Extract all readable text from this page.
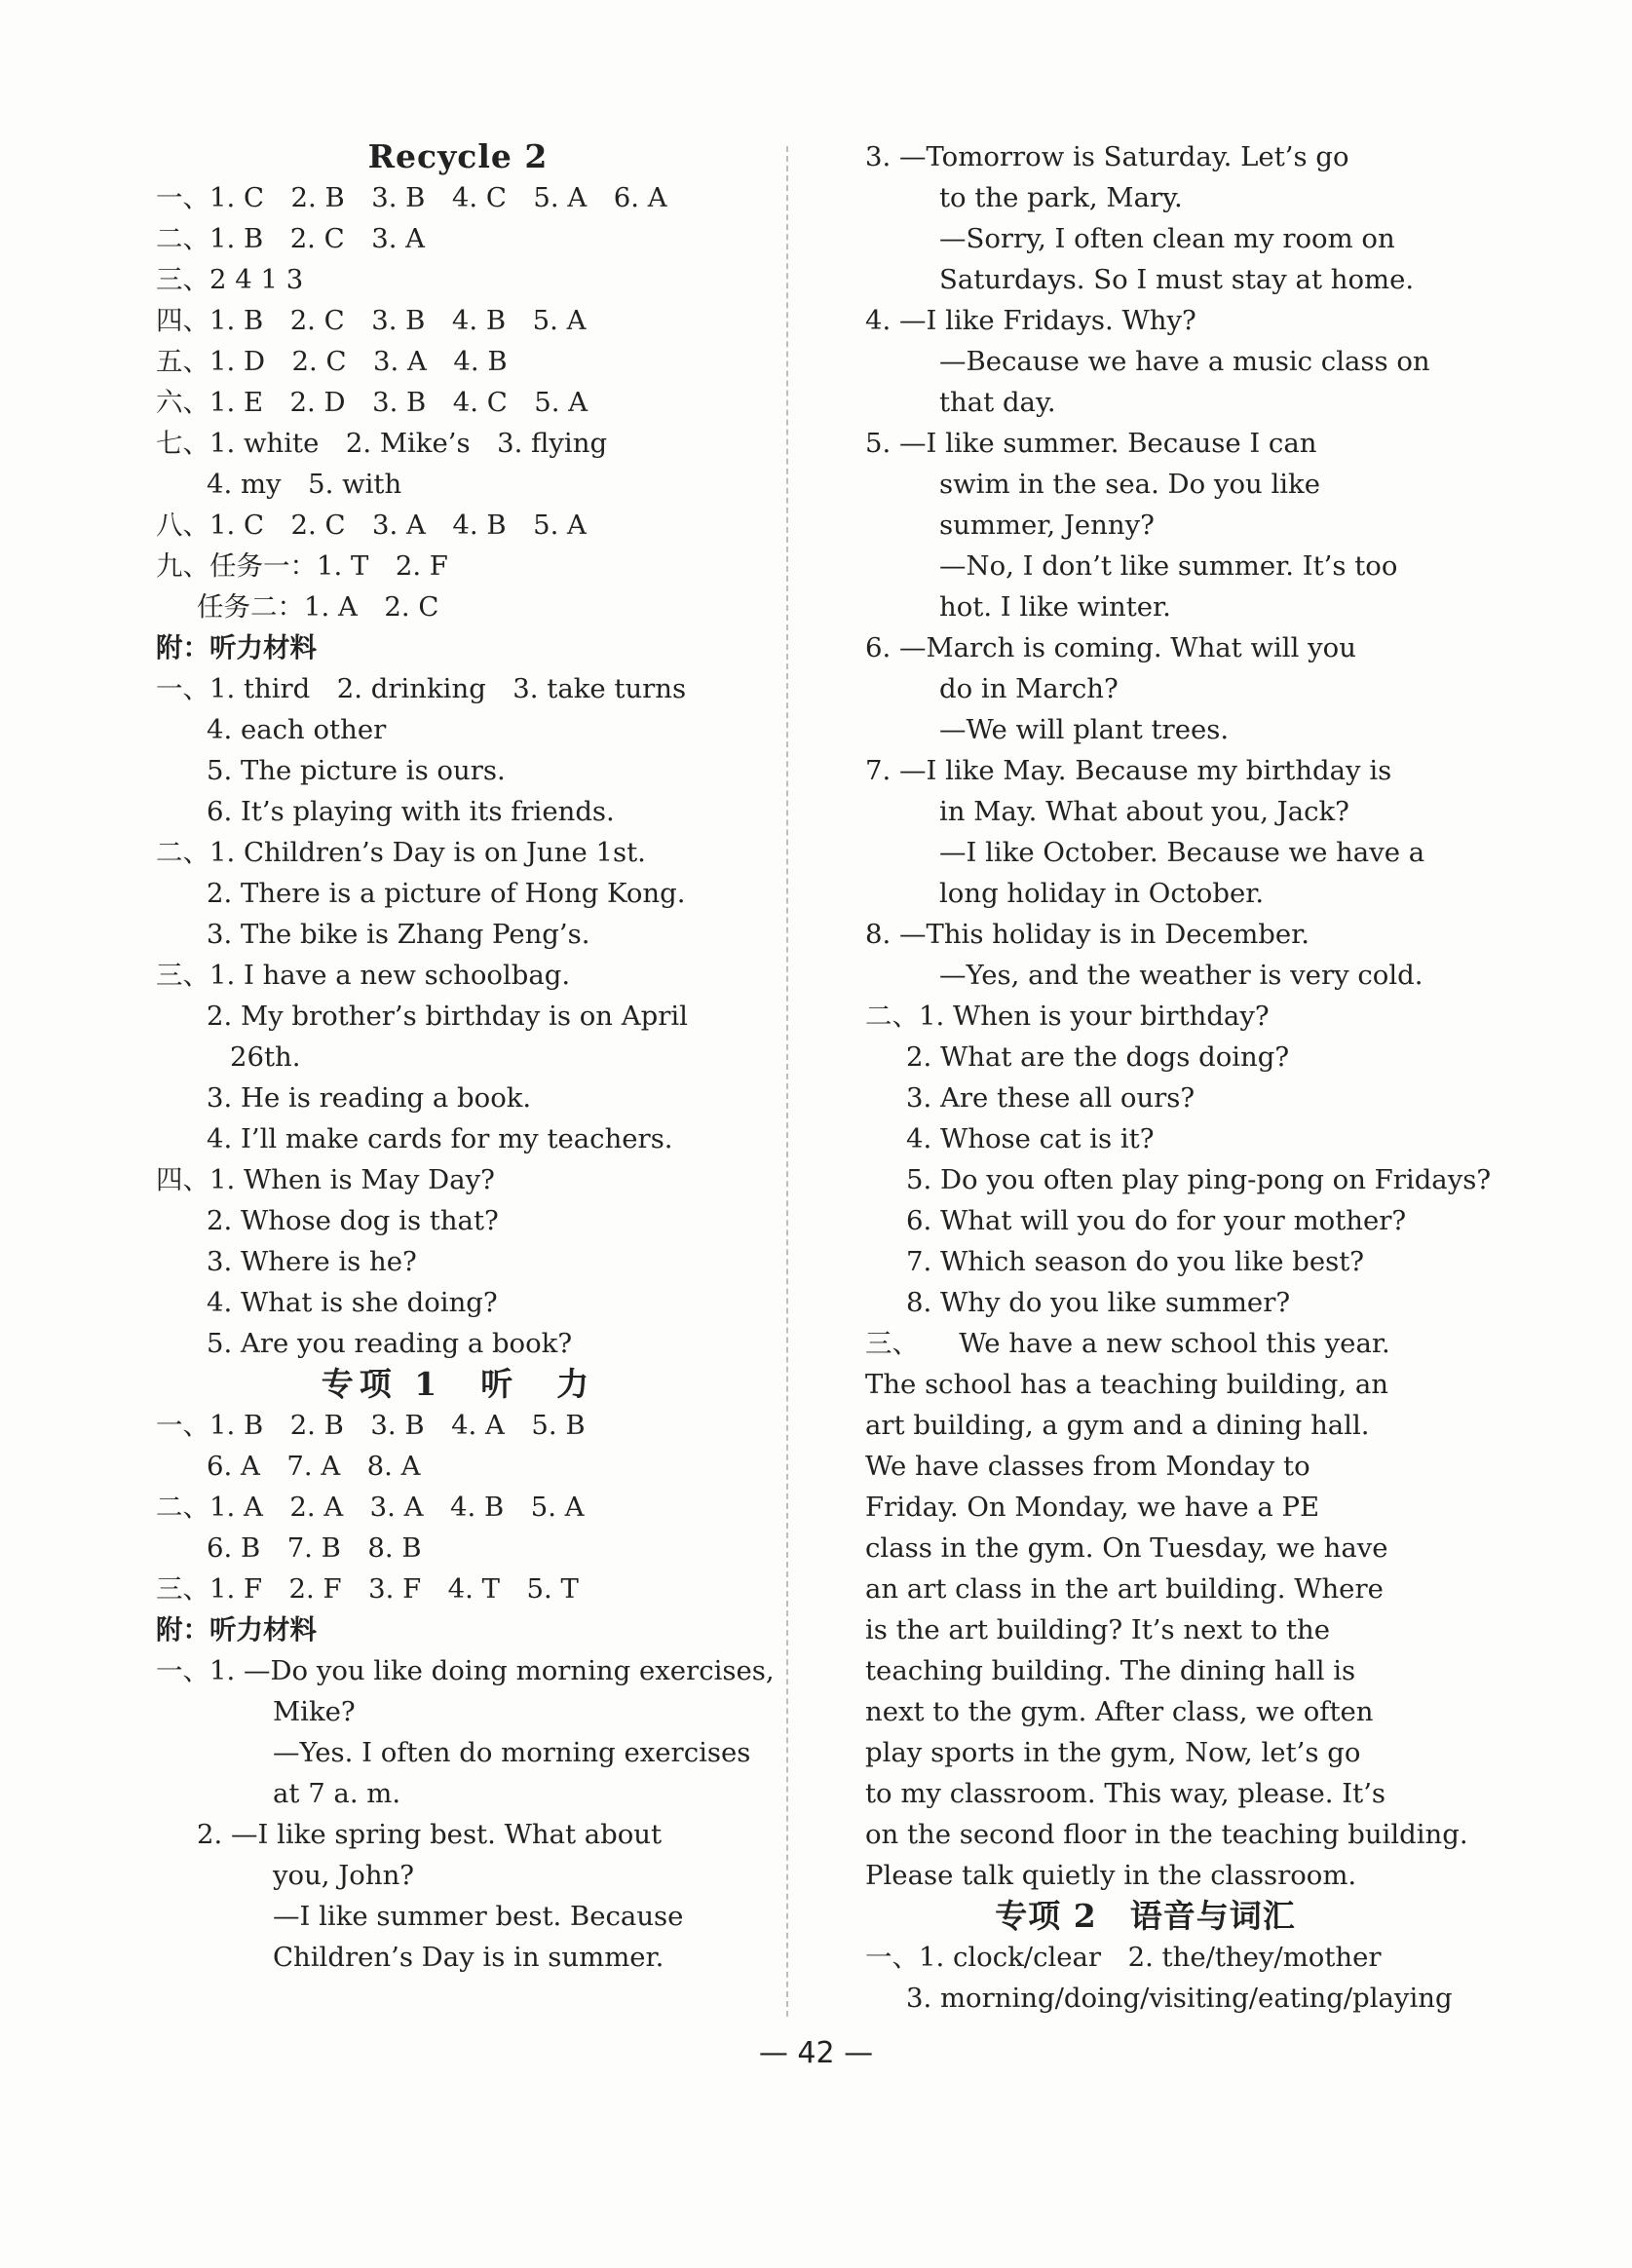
Recycle 2
一、1. C　2. B　3. B　4. C　5. A　6. A
二、1. B　2. C　3. A
三、2 4 1 3
四、1. B　2. C　3. B　4. B　5. A
五、1. D　2. C　3. A　4. B
六、1. E　2. D　3. B　4. C　5. A
七、1. white　2. Mike’s　3. flying
4. my　5. with
八、1. C　2. C　3. A　4. B　5. A
九、任务一：1. T　2. F
任务二：1. A　2. C
附：听力材料
一、1. third　2. drinking　3. take turns
4. each other
5. The picture is ours.
6. It’s playing with its friends.
二、1. Children’s Day is on June 1st.
2. There is a picture of Hong Kong.
3. The bike is Zhang Peng’s.
三、1. I have a new schoolbag.
2. My brother’s birthday is on April
26th.
3. He is reading a book.
4. I’ll make cards for my teachers.
四、1. When is May Day?
2. Whose dog is that?
3. Where is he?
4. What is she doing?
5. Are you reading a book?
专项 1　听　力
一、1. B　2. B　3. B　4. A　5. B
6. A　7. A　8. A
二、1. A　2. A　3. A　4. B　5. A
6. B　7. B　8. B
三、1. F　2. F　3. F　4. T　5. T
附：听力材料
一、1. —Do you like doing morning exercises,
Mike?
—Yes. I often do morning exercises
at 7 a. m.
2. —I like spring best. What about
you, John?
—I like summer best. Because
Children’s Day is in summer.
3. —Tomorrow is Saturday. Let’s go
to the park, Mary.
—Sorry, I often clean my room on
Saturdays. So I must stay at home.
4. —I like Fridays. Why?
—Because we have a music class on
that day.
5. —I like summer. Because I can
swim in the sea. Do you like
summer, Jenny?
—No, I don’t like summer. It’s too
hot. I like winter.
6. —March is coming. What will you
do in March?
—We will plant trees.
7. —I like May. Because my birthday is
in May. What about you, Jack?
—I like October. Because we have a
long holiday in October.
8. —This holiday is in December.
—Yes, and the weather is very cold.
二、1. When is your birthday?
2. What are the dogs doing?
3. Are these all ours?
4. Whose cat is it?
5. Do you often play ping-pong on Fridays?
6. What will you do for your mother?
7. Which season do you like best?
8. Why do you like summer?
三、　　We have a new school this year.
The school has a teaching building, an
art building, a gym and a dining hall.
We have classes from Monday to
Friday. On Monday, we have a PE
class in the gym. On Tuesday, we have
an art class in the art building. Where
is the art building? It’s next to the
teaching building. The dining hall is
next to the gym. After class, we often
play sports in the gym, Now, let’s go
to my classroom. This way, please. It’s
on the second floor in the teaching building.
Please talk quietly in the classroom.
专项 2　语音与词汇
一、1. clock/clear　2. the/they/mother
3. morning/doing/visiting/eating/playing
— 42 —
